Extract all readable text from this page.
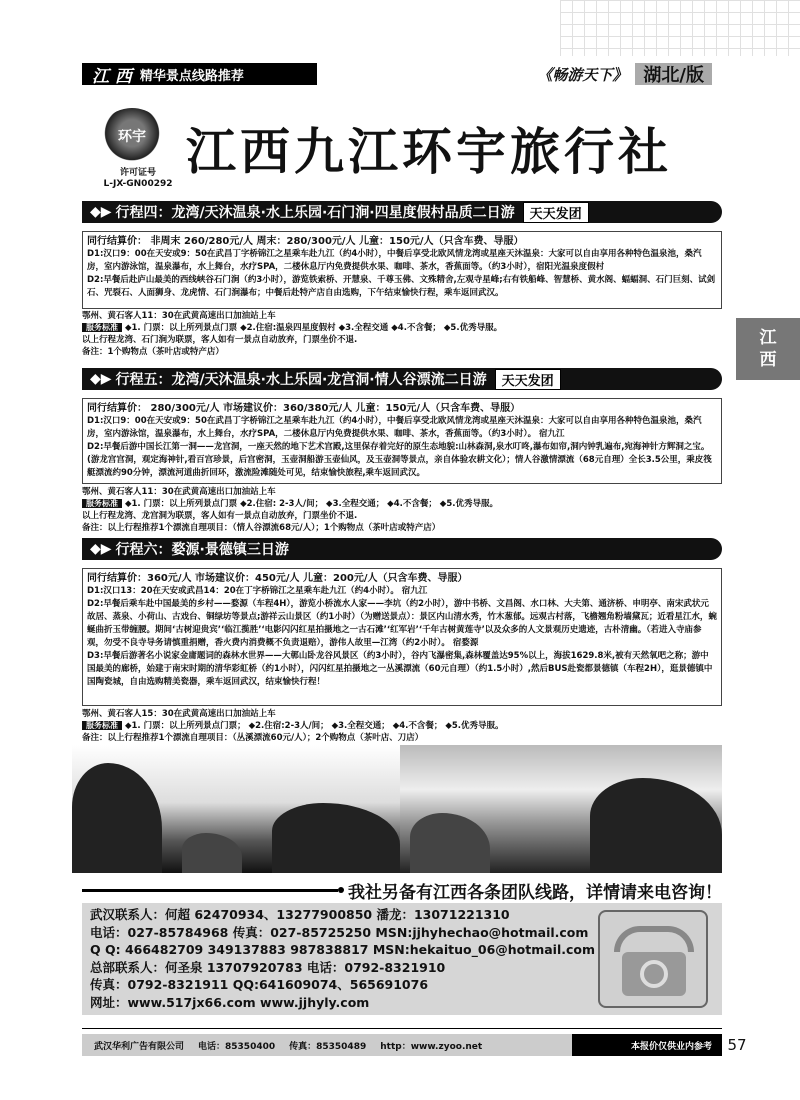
江 西 精华景点线路推荐	《畅游天下》 湖北/版
环宇
许可证号
L-JX-GN00292
江西九江环宇旅行社
江
西
◆▶ 行程四：龙湾/天沐温泉·水上乐园·石门涧·四星度假村品质二日游	天天发团
同行结算价： 非周末 260/280元/人 周末：280/300元/人 儿童：150元/人（只含车费、导服）
D1:汉口9：00在天安或9：50在武昌丁字桥锦江之星乘车赴九江（约4小时），中餐后享受北欧风情龙湾或星座天沐温泉：大家可以自由享用各种特色温泉池，桑汽房，室内游泳馆，温泉瀑布，水上舞台，水疗SPA，二楼休息厅内免费提供水果、咖啡、茶水，香蕉面等。（约3小时），宿阳光温泉度假村
D2:早餐后赴庐山最美的西线峡谷石门涧（约3小时），游览铁索桥、开慧泉、千尊玉佛、文殊精舍,左观寺星峰;右有铁船峰、智慧桥、黄水阁、蝠蝠洞、石门巨刻、试剑石、咒裂石、人面狮身、龙虎情、石门涧瀑布；中餐后赴特产店自由选购，下午结束愉快行程，乘车返回武汉。
鄂州、黄石客人11：30在武黄高速出口加油站上车
服务标准 ◆1. 门票：以上所列景点门票 ◆2.住宿:温泉四星度假村 ◆3.全程交通 ◆4.不含餐； ◆5.优秀导服。
以上行程龙湾、石门涧为联票，客人如有一景点自动放弃，门票坐价不退.
备注：1个购物点（茶叶店或特产店）
◆▶ 行程五：龙湾/天沐温泉·水上乐园·龙宫洞·情人谷漂流二日游	天天发团
同行结算价： 280/300元/人 市场建议价：360/380元/人 儿童：150元/人（只含车费、导服）
D1:汉口9：00在天安或9：50在武昌丁字桥锦江之星乘车赴九江（约4小时），中餐后享受北欧风情龙湾或星座天沐温泉：大家可以自由享用各种特色温泉池，桑汽房，室内游泳馆，温泉瀑布，水上舞台，水疗SPA，二楼休息厅内免费提供水果、咖啡、茶水，香蕉面等。（约3小时）。 宿九江
D2:早餐后游中国长江第一洞——龙宫洞，一座天然的地下艺术宫殿,这里保存着完好的原生态地貌:山林森洞,泉水叮咚,瀑布如帘,洞内钟乳遍布,宛海神针方辉洞之宝。(游龙宫宫洞，观定海神针,看百宫珍景，后宫密洞，玉壶洞船游玉壶仙风，及玉壶洞等景点，亲自体验农耕文化）；情人谷激情漂流（68元自理）全长3.5公里，乘皮筏艇漂流约90分钟，漂流河道曲折回环，激流险滩随处可见，结束愉快旅程,乘车返回武汉。
鄂州、黄石客人11：30在武黄高速出口加油站上车
服务标准 ◆1. 门票：以上所列景点门票 ◆2.住宿: 2-3人/间； ◆3.全程交通； ◆4.不含餐； ◆5.优秀导服。
以上行程龙湾、龙宫洞为联票，客人如有一景点自动放弃，门票坐价不退.
备注：以上行程推荐1个漂流自理项目：（情人谷漂流68元/人）；1个购物点（茶叶店或特产店）
◆▶ 行程六：婺源·景德镇三日游
同行结算价：360元/人 市场建议价：450元/人 儿童：200元/人（只含车费、导服）
D1:汉口13：20在天安或武昌14：20在丁字桥锦江之星乘车赴九江（约4小时）。 宿九江
D2:早餐后乘车赴中国最美的乡村——婺源（车程4H），游览小桥流水人家——李坑（约2小时），游中书桥、文昌阁、水口林、大夫第、通济桥、申明亭、南宋武状元故居、蒸泉、小荷山、古戏台、铜绿坊等景点;游祥云山景区（约1小时）（为赠送景点）：景区内山清水秀，竹木葱郁。远观古村落，飞檐翘角粉墙黛瓦；近看星江水，蜿蜒曲折玉带缠腰。期间‘古树迎贵宾’‘临江揽胜’‘电影闪闪红星拍摄地之一古石滩’‘红军岩’‘千年古树黄莲寺’以及众多的人文景观历史遗迹，古朴清幽。（若进入寺庙参观，勿受不良寺导务请慎重捐赠，香火费内消费概不负责退赔），游伟人故里—江湾（约2小时）。 宿婺源
D3:早餐后游著名小说家金庸题词的森林水世界——大鄣山卧龙谷风景区（约3小时），谷内飞瀑密集,森林覆盖达95%以上，海拔1629.8米,被有天然氧吧之称；游中国最美的廊桥，始建于南宋时期的清华彩虹桥（约1小时），闪闪红星拍摄地之一丛溪漂流（60元自理）（约1.5小时）,然后BUS赴瓷都景德镇（车程2H），逛景德镇中国陶瓷城，自由选购精美瓷器，乘车返回武汉，结束愉快行程！
鄂州、黄石客人15：30在武黄高速出口加油站上车
服务标准 ◆1. 门票：以上所列景点门票； ◆2.住宿:2-3人/间； ◆3.全程交通； ◆4.不含餐； ◆5.优秀导服。
备注：以上行程推荐1个漂流自理项目：（丛溪漂流60元/人）；2个购物点（茶叶店、刀店）
我社另备有江西各条团队线路，详情请来电咨询！
武汉联系人：何超 62470934、13277900850 潘龙：13071221310
电话：027-85784968 传真：027-85725250 MSN:jjhyhechao@hotmail.com
Q Q: 466482709 349137883 987838817 MSN:hekaituo_06@hotmail.com
总部联系人：何圣泉 13707920783 电话：0792-8321910
传真：0792-8321911 QQ:641609074、565691076
网址：www.517jx66.com www.jjhyly.com
武汉华利广告有限公司 电话：85350400 传真：85350489 http：www.zyoo.net	本报价仅供业内参考	57
